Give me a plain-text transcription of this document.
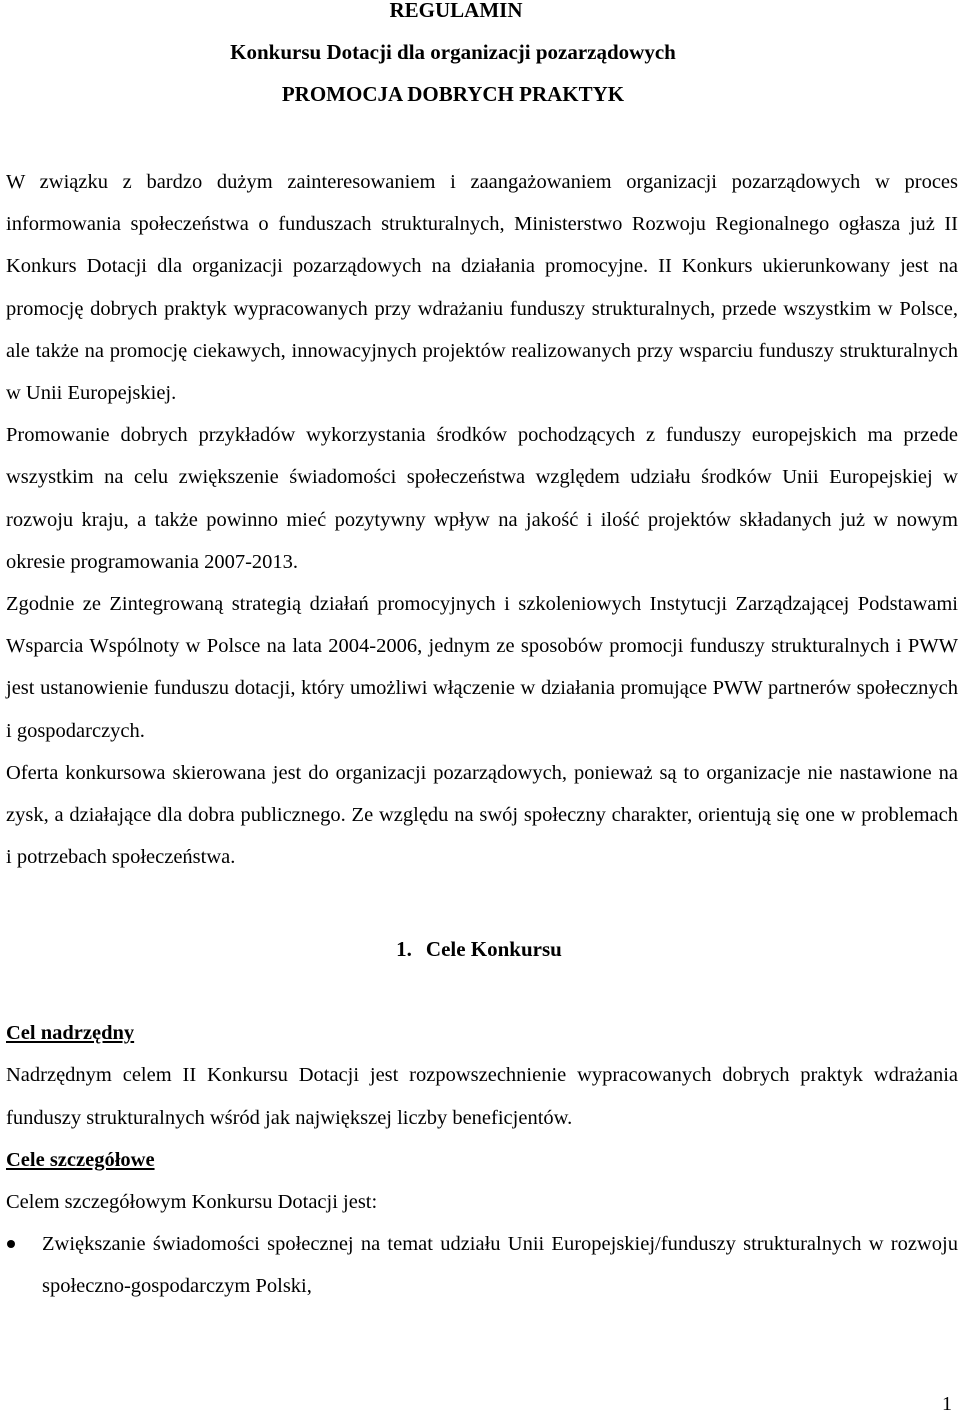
REGULAMIN
Konkursu Dotacji dla organizacji pozarządowych
PROMOCJA DOBRYCH PRAKTYK

W związku z bardzo dużym zainteresowaniem i zaangażowaniem organizacji pozarządowych w proces informowania społeczeństwa o funduszach strukturalnych, Ministerstwo Rozwoju Regionalnego ogłasza już II Konkurs Dotacji dla organizacji pozarządowych na działania promocyjne. II Konkurs ukierunkowany jest na promocję dobrych praktyk wypracowanych przy wdrażaniu funduszy strukturalnych, przede wszystkim w Polsce, ale także na promocję ciekawych, innowacyjnych projektów realizowanych przy wsparciu funduszy strukturalnych w Unii Europejskiej.

Promowanie dobrych przykładów wykorzystania środków pochodzących z funduszy europejskich ma przede wszystkim na celu zwiększenie świadomości społeczeństwa względem udziału środków Unii Europejskiej w rozwoju kraju, a także powinno mieć pozytywny wpływ na jakość i ilość projektów składanych już w nowym okresie programowania 2007-2013.

Zgodnie ze Zintegrowaną strategią działań promocyjnych i szkoleniowych Instytucji Zarządzającej Podstawami Wsparcia Wspólnoty w Polsce na lata 2004-2006, jednym ze sposobów promocji funduszy strukturalnych i PWW jest ustanowienie funduszu dotacji, który umożliwi włączenie w działania promujące PWW partnerów społecznych i gospodarczych.

Oferta konkursowa skierowana jest do organizacji pozarządowych, ponieważ są to organizacje nie nastawione na zysk, a działające dla dobra publicznego. Ze względu na swój społeczny charakter, orientują się one w problemach i potrzebach społeczeństwa.

1. Cele Konkursu
Cel nadrzędny

Nadrzędnym celem II Konkursu Dotacji jest rozpowszechnienie wypracowanych dobrych praktyk wdrażania funduszy strukturalnych wśród jak największej liczby beneficjentów.

Cele szczegółowe

Celem szczegółowym Konkursu Dotacji jest:

Zwiększanie świadomości społecznej na temat udziału Unii Europejskiej/funduszy strukturalnych w rozwoju społeczno-gospodarczym Polski,
1
